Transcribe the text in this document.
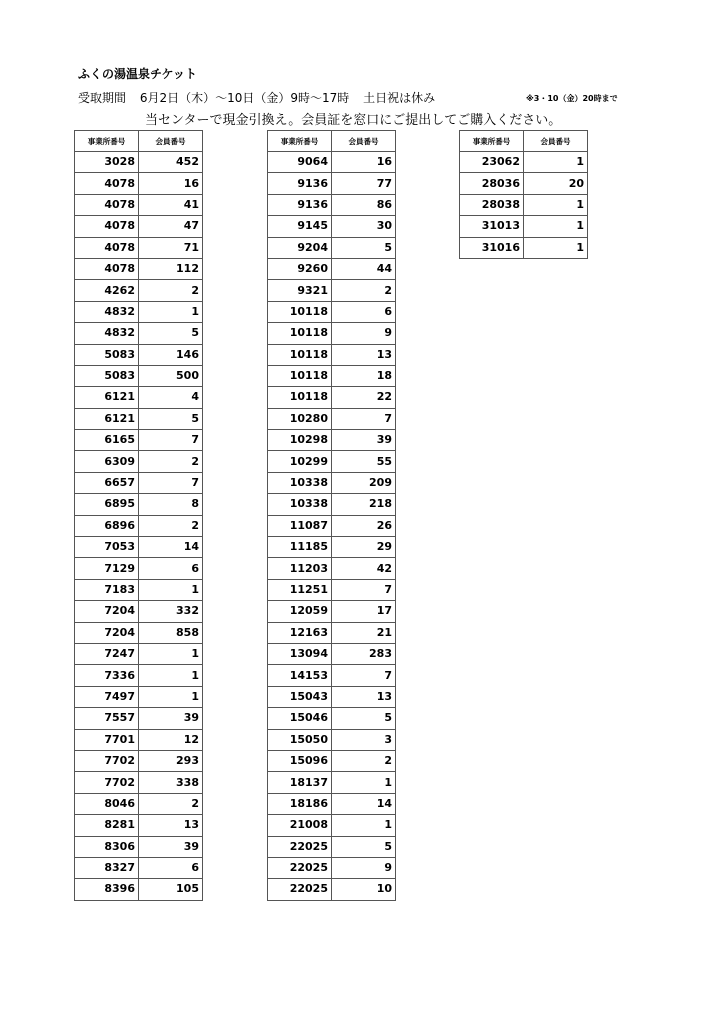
ふくの湯温泉チケット
受取期間 6月2日（木）～10日（金）9時～17時 土日祝は休み	※3・10（金）20時まで
当センターで現金引換え。会員証を窓口にご提出してご購入ください。
事業所番号	会員番号
3028	452
4078	16
4078	41
4078	47
4078	71
4078	112
4262	2
4832	1
4832	5
5083	146
5083	500
6121	4
6121	5
6165	7
6309	2
6657	7
6895	8
6896	2
7053	14
7129	6
7183	1
7204	332
7204	858
7247	1
7336	1
7497	1
7557	39
7701	12
7702	293
7702	338
8046	2
8281	13
8306	39
8327	6
8396	105
事業所番号	会員番号
9064	16
9136	77
9136	86
9145	30
9204	5
9260	44
9321	2
10118	6
10118	9
10118	13
10118	18
10118	22
10280	7
10298	39
10299	55
10338	209
10338	218
11087	26
11185	29
11203	42
11251	7
12059	17
12163	21
13094	283
14153	7
15043	13
15046	5
15050	3
15096	2
18137	1
18186	14
21008	1
22025	5
22025	9
22025	10
事業所番号	会員番号
23062	1
28036	20
28038	1
31013	1
31016	1
